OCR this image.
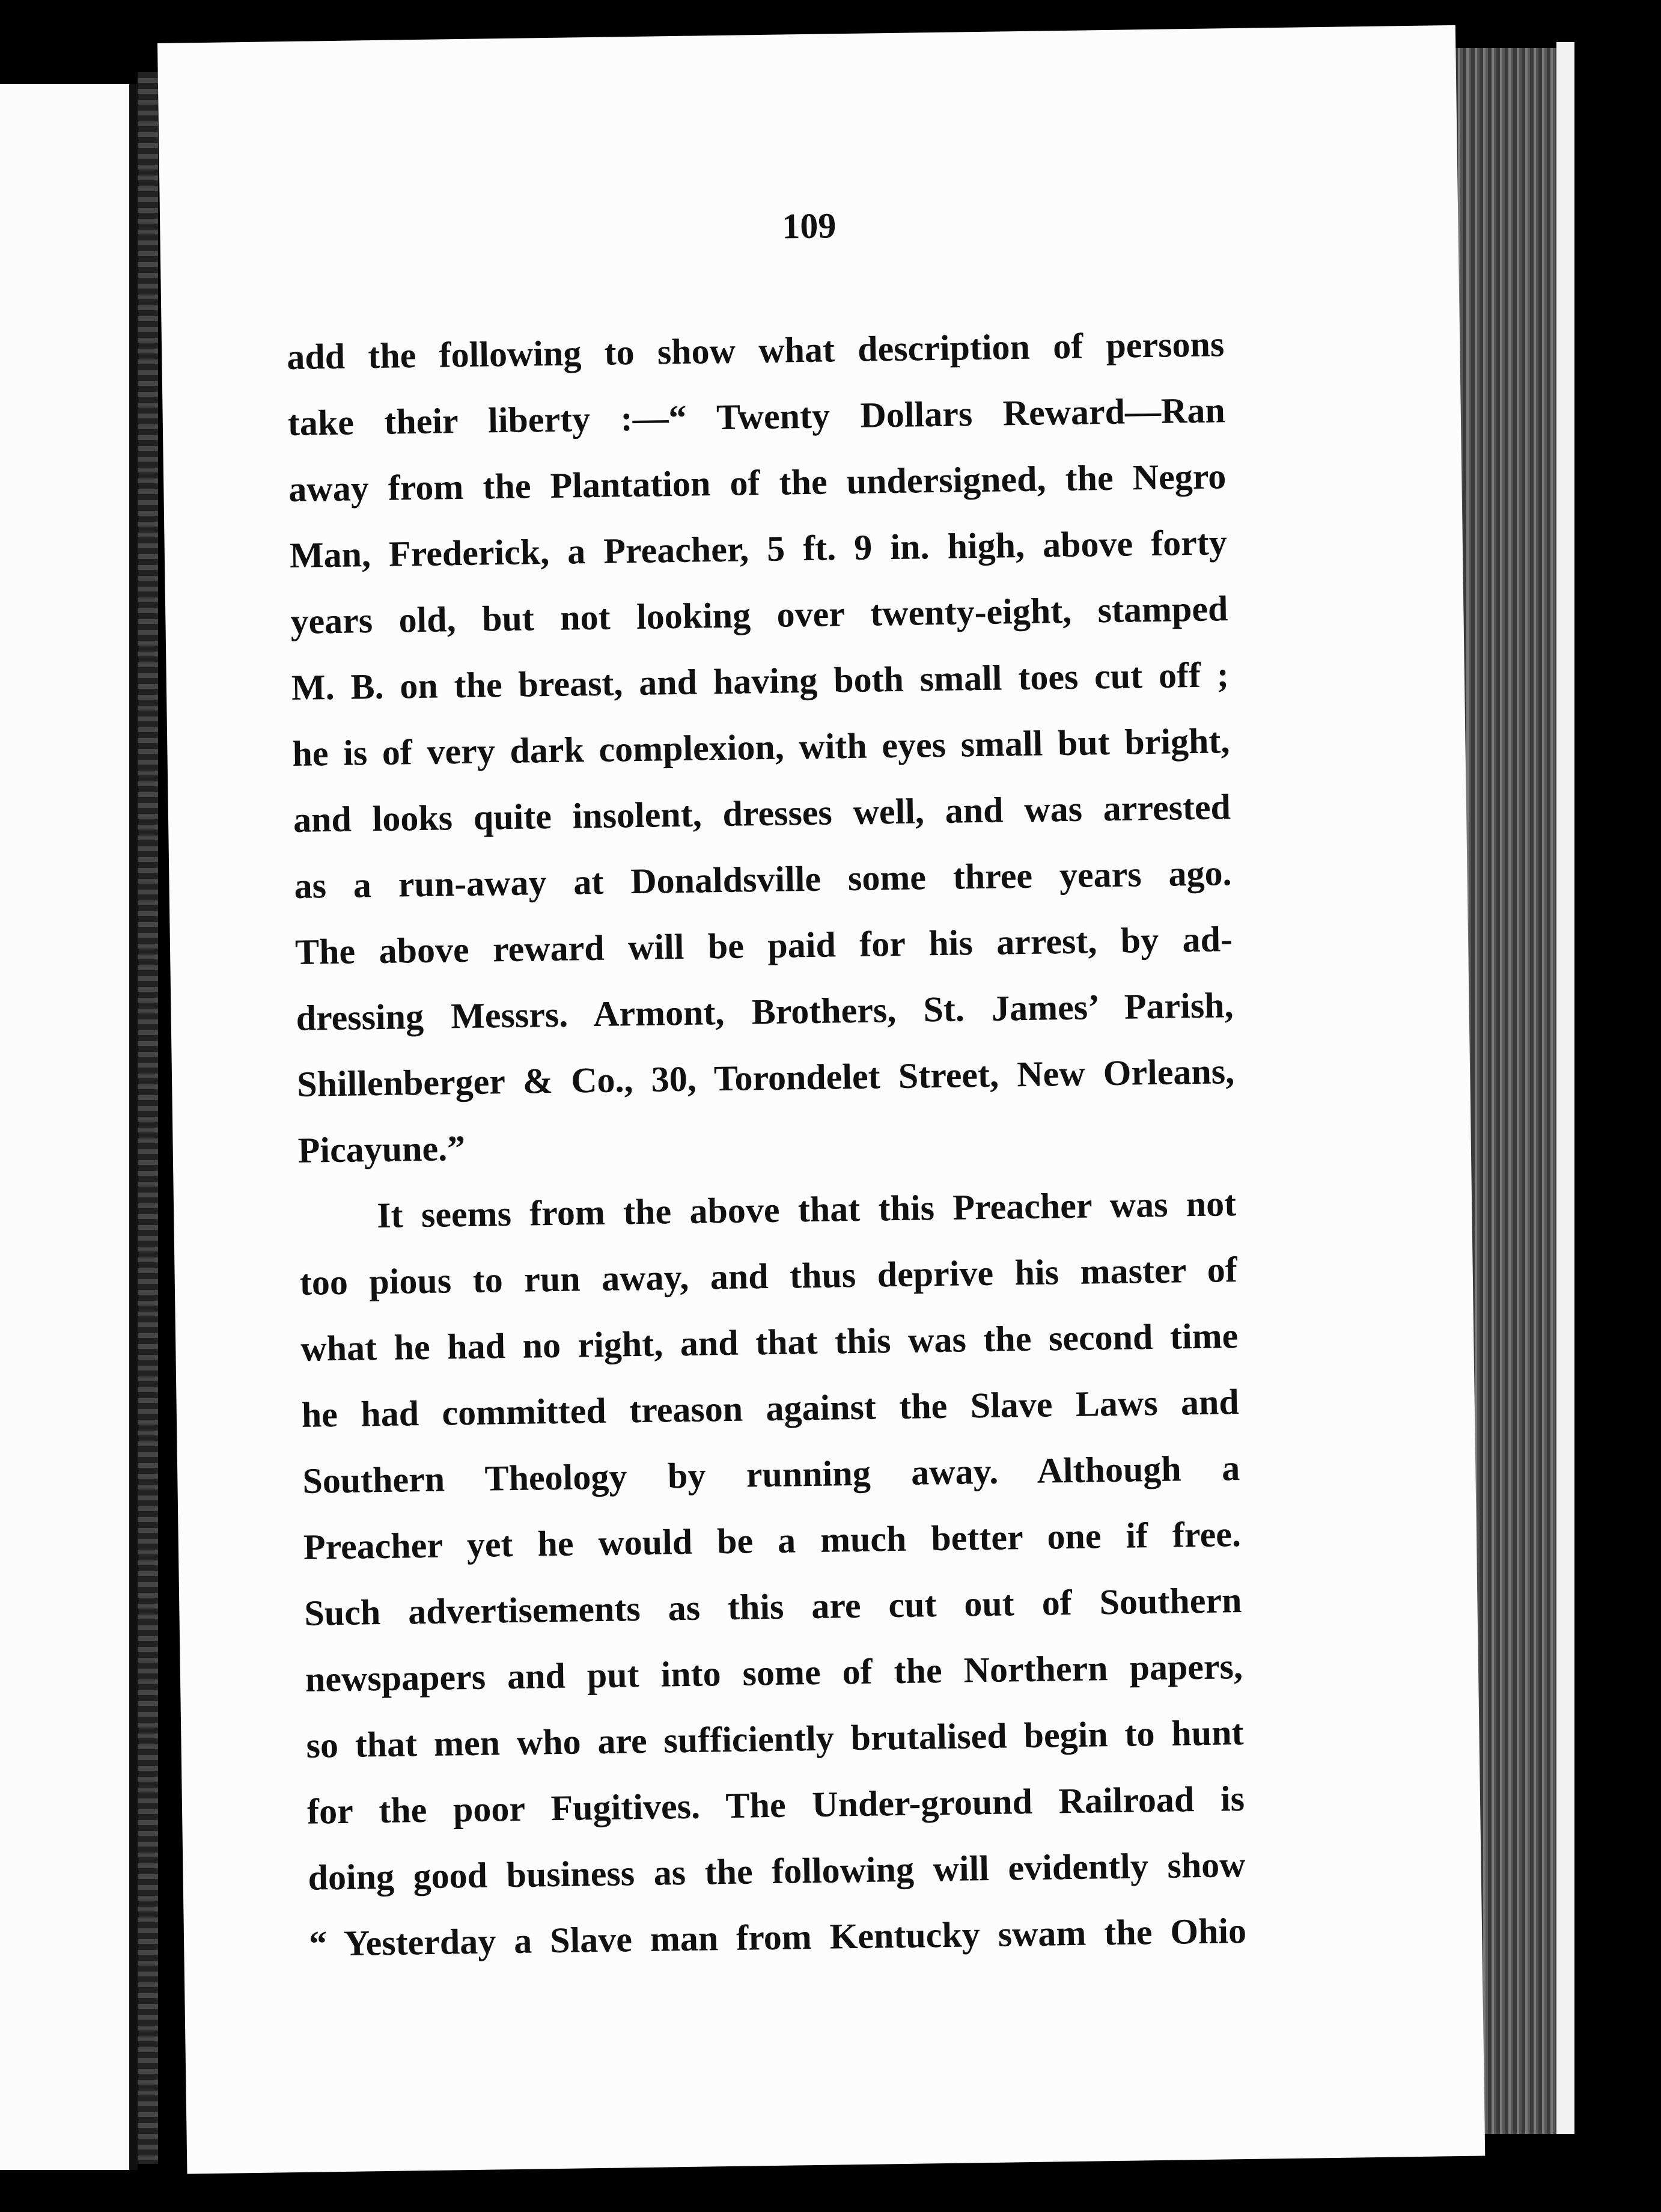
109
add the following to show what description of persons
take their liberty :—“ Twenty Dollars Reward—Ran
away from the Plantation of the undersigned, the Negro
Man, Frederick, a Preacher, 5 ft. 9 in. high, above forty
years old, but not looking over twenty-eight, stamped
M. B. on the breast, and having both small toes cut off ;
he is of very dark complexion, with eyes small but bright,
and looks quite insolent, dresses well, and was arrested
as a run-away at Donaldsville some three years ago.
The above reward will be paid for his arrest, by ad-
dressing Messrs. Armont, Brothers, St. James’ Parish,
Shillenberger & Co., 30, Torondelet Street, New Orleans,
Picayune.”
It seems from the above that this Preacher was not
too pious to run away, and thus deprive his master of
what he had no right, and that this was the second time
he had committed treason against the Slave Laws and
Southern Theology by running away. Although a
Preacher yet he would be a much better one if free.
Such advertisements as this are cut out of Southern
newspapers and put into some of the Northern papers,
so that men who are sufficiently brutalised begin to hunt
for the poor Fugitives. The Under-ground Railroad is
doing good business as the following will evidently show
“ Yesterday a Slave man from Kentucky swam the Ohio
